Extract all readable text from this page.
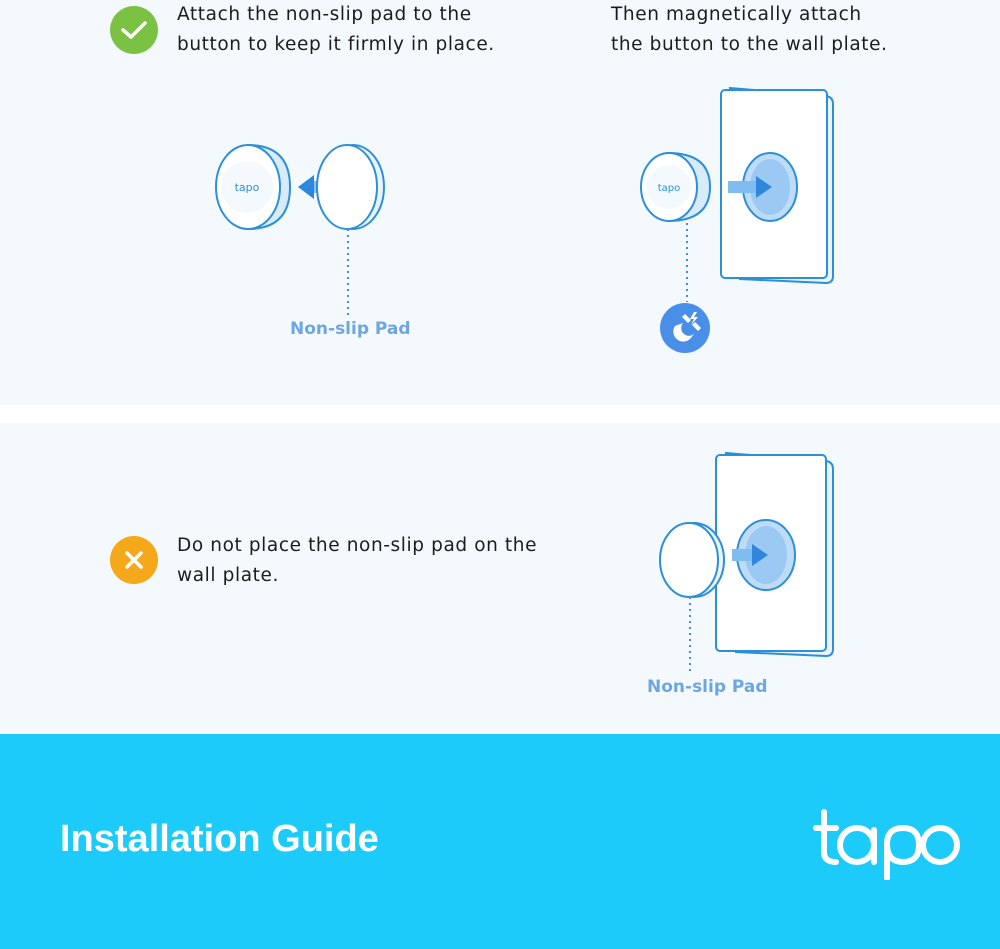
Attach the non-slip pad to the
button to keep it firmly in place.
tapo
Non-slip Pad
Then magnetically attach
the button to the wall plate.
tapo
Do not place the non-slip pad on the
wall plate.
Non-slip Pad
Installation Guide
